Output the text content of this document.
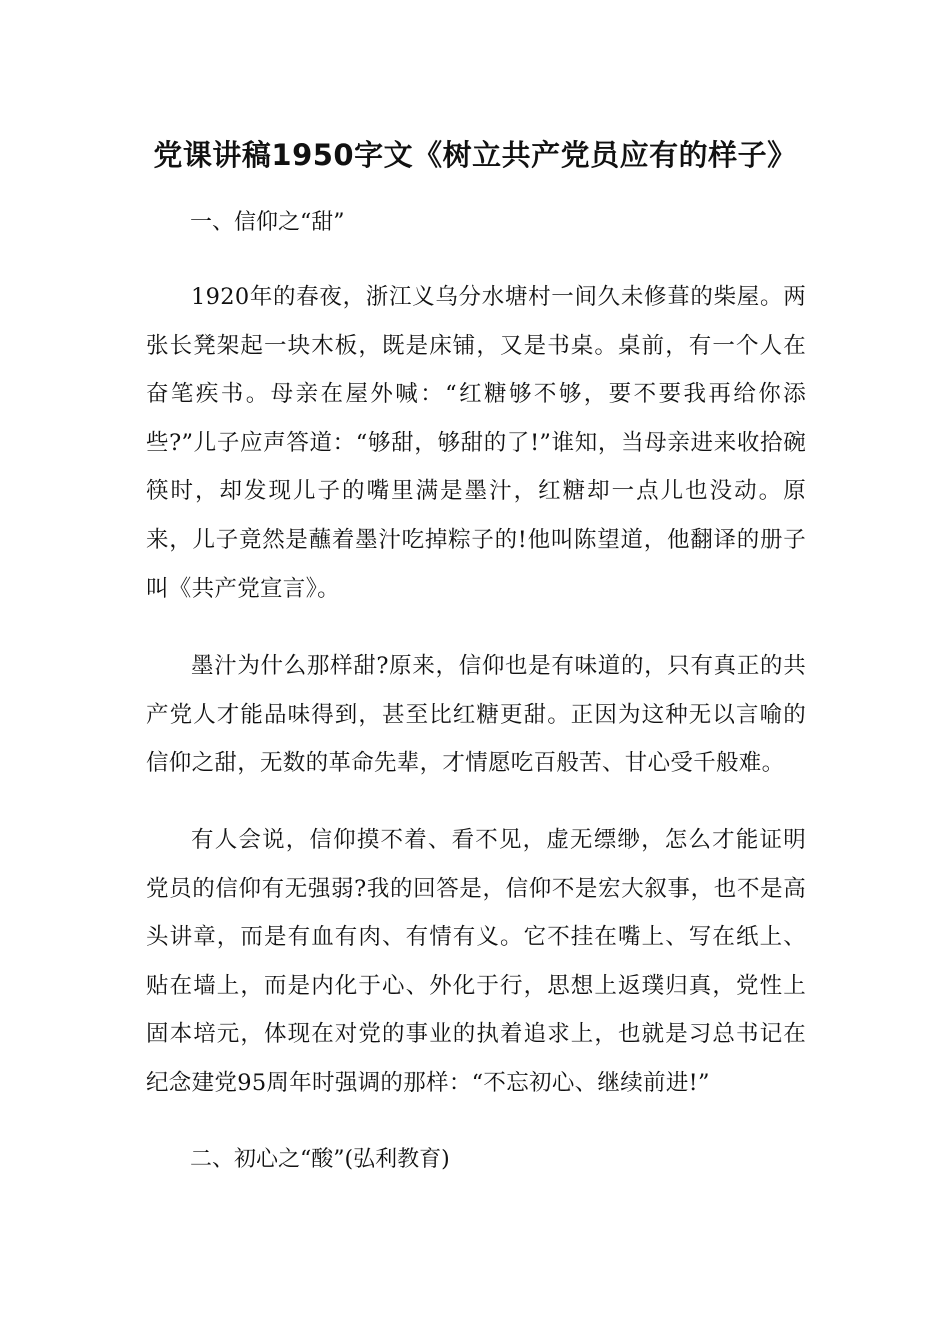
党课讲稿1950字文《树立共产党员应有的样子》
一、信仰之“甜”

1920年的春夜，浙江义乌分水塘村一间久未修葺的柴屋。两张长凳架起一块木板，既是床铺，又是书桌。桌前，有一个人在奋笔疾书。母亲在屋外喊：“红糖够不够，要不要我再给你添些?”儿子应声答道：“够甜，够甜的了!”谁知，当母亲进来收拾碗筷时，却发现儿子的嘴里满是墨汁，红糖却一点儿也没动。原来，儿子竟然是蘸着墨汁吃掉粽子的!他叫陈望道，他翻译的册子叫《共产党宣言》。

墨汁为什么那样甜?原来，信仰也是有味道的，只有真正的共产党人才能品味得到，甚至比红糖更甜。正因为这种无以言喻的信仰之甜，无数的革命先辈，才情愿吃百般苦、甘心受千般难。

有人会说，信仰摸不着、看不见，虚无缥缈，怎么才能证明党员的信仰有无强弱?我的回答是，信仰不是宏大叙事，也不是高头讲章，而是有血有肉、有情有义。它不挂在嘴上、写在纸上、贴在墙上，而是内化于心、外化于行，思想上返璞归真，党性上固本培元，体现在对党的事业的执着追求上，也就是习总书记在纪念建党95周年时强调的那样：“不忘初心、继续前进!”

二、初心之“酸”(弘利教育)
